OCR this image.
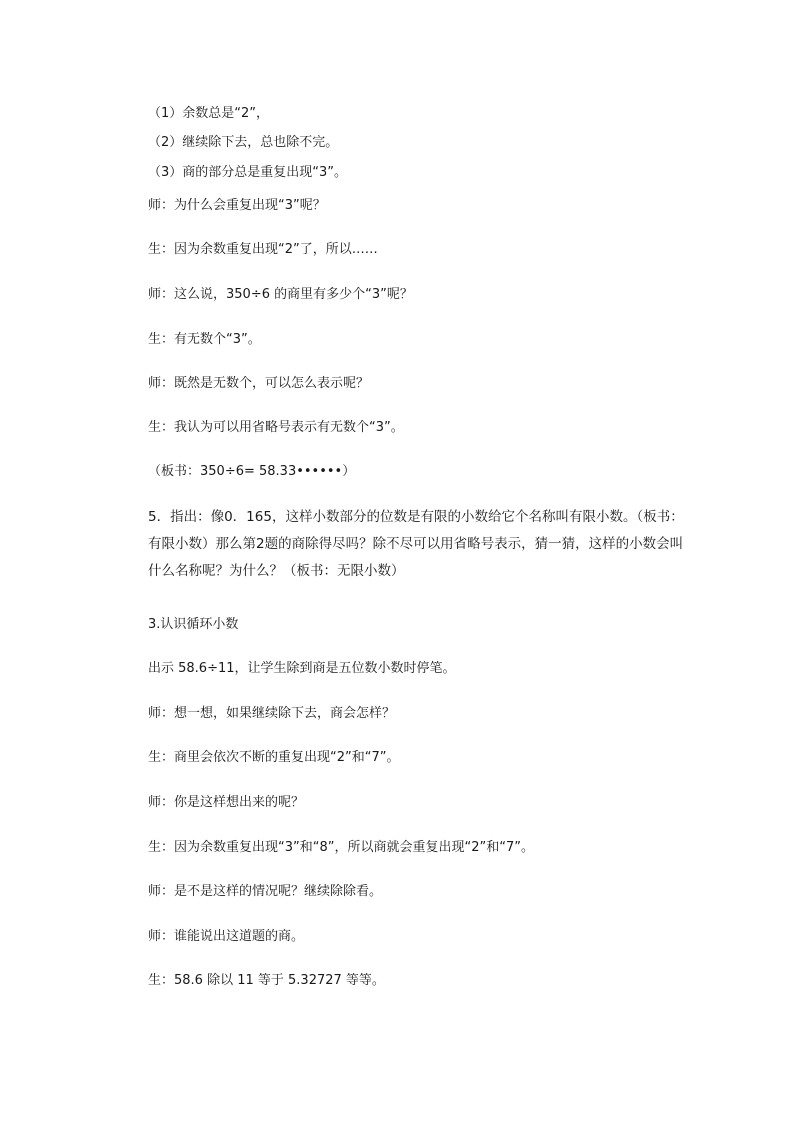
（1）余数总是“2”，
（2）继续除下去，总也除不完。
（3）商的部分总是重复出现“3”。
师：为什么会重复出现“3”呢？
生：因为余数重复出现“2”了，所以……
师：这么说，350÷6 的商里有多少个“3”呢？
生：有无数个“3”。
师：既然是无数个，可以怎么表示呢？
生：我认为可以用省略号表示有无数个“3”。
（板书：350÷6= 58.33••••••）
5．指出：像0．165，这样小数部分的位数是有限的小数给它个名称叫有限小数。（板书：有限小数）那么第2题的商除得尽吗？除不尽可以用省略号表示，猜一猜，这样的小数会叫什么名称呢？为什么？（板书：无限小数）
3.认识循环小数
出示 58.6÷11，让学生除到商是五位数小数时停笔。
师：想一想，如果继续除下去，商会怎样？
生：商里会依次不断的重复出现“2”和“7”。
师：你是这样想出来的呢？
生：因为余数重复出现“3”和“8”，所以商就会重复出现“2”和“7”。
师：是不是这样的情况呢？继续除除看。
师：谁能说出这道题的商。
生：58.6 除以 11 等于 5.32727 等等。
